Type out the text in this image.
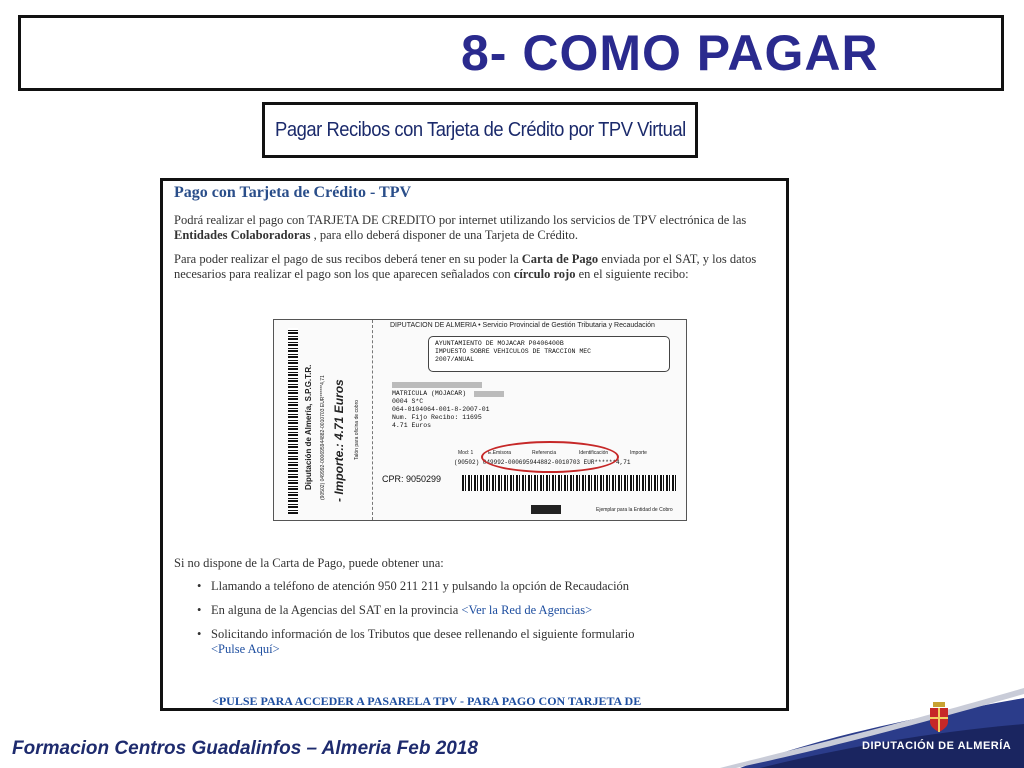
8- COMO PAGAR
Pagar Recibos con Tarjeta de Crédito por TPV Virtual
Pago con Tarjeta de Crédito - TPV
Podrá realizar el pago con TARJETA DE CREDITO por internet utilizando los servicios de TPV electrónica de las Entidades Colaboradoras , para ello deberá disponer de una Tarjeta de Crédito.
Para poder realizar el pago de sus recibos deberá tener en su poder la Carta de Pago enviada por el SAT, y los datos necesarios para realizar el pago son los que aparecen señalados con círculo rojo en el siguiente recibo:
Diputación de Almería, S.P.G.T.R. (90502) 049992-000695944882-0010703 EUR******4,71 - Importe.: 4.71 Euros Talón para oficina de cobro
DIPUTACION DE ALMERIA • Servicio Provincial de Gestión Tributaria y Recaudación
AYUNTAMIENTO DE MOJACAR P0406400B
IMPUESTO SOBRE VEHICULOS DE TRACCION MEC
2007/ANUAL
MATRICULA (MOJACAR)
0004 S*C
064-0104064-001-8-2007-01
Num. Fijo Recibo: 11695
4.71 Euros
Mod: 1	E.Emisora	Referencia	Identificación	Importe
(90502) 049992-000695944882-0010703 EUR******4,71
CPR: 9050299
Ejemplar para la Entidad de Cobro
Si no dispone de la Carta de Pago, puede obtener una:
• Llamando a teléfono de atención 950 211 211 y pulsando la opción de Recaudación
• En alguna de la Agencias del SAT en la provincia <Ver la Red de Agencias>
• Solicitando información de los Tributos que desee rellenando el siguiente formulario
<Pulse Aquí>
<PULSE PARA ACCEDER A PASARELA TPV - PARA PAGO CON TARJETA DE
Formacion Centros Guadalinfos – Almeria Feb 2018	DIPUTACIÓN DE ALMERÍA
